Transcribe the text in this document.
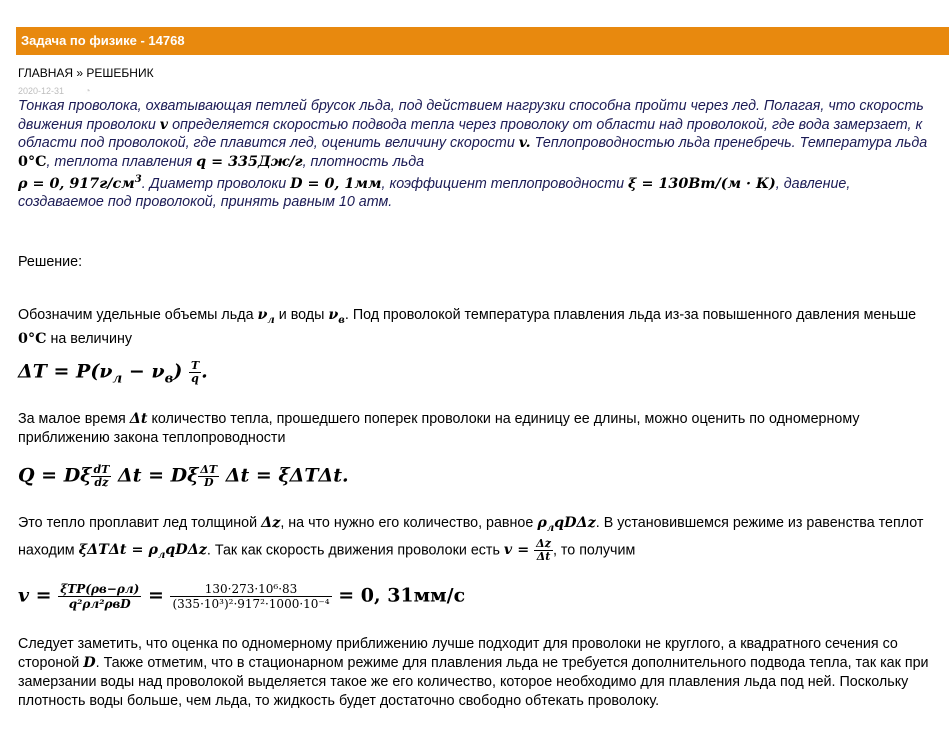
Задача по физике - 14768
ГЛАВНАЯ » РЕШЕБНИК
2020-12-31 ◔
Тонкая проволока, охватывающая петлей брусок льда, под действием нагрузки способна пройти через лед. Полагая, что скорость движения проволоки v определяется скоростью подвода тепла через проволоку от области над проволокой, где вода замерзает, к области под проволокой, где плавится лед, оценить величину скорости v. Теплопроводностью льда пренебречь. Температура льда 0°C, теплота плавления q = 335Дж/г, плотность льда
ρ = 0, $917г/см^3$. Диаметр проволоки D = 0, 1мм, коэффициент теплопроводности ξ = 130Вт/(м · К), давление, создаваемое под проволокой, принять равным 10 атм.
Решение:
Обозначим удельные объемы льда $\nu_л$ и воды $\nu_в$. Под проволокой температура плавления льда из-за повышенного давления меньше 0°C на величину
$\Delta T = P(\nu_л - \nu_в) \frac{T}{q}$ .
За малое время Δt количество тепла, прошедшего поперек проволоки на единицу ее длины, можно оценить по одномерному приближению закона теплопроводности
Q = Dξ $\frac{dT}{dz}$ Δt = Dξ $\frac{\Delta T}{D}$ Δt = ξΔTΔt.
Это тепло проплавит лед толщиной Δz, на что нужно его количество, равное $\rho_лqD\Delta z$. В установившемся режиме из равенства теплот находим $\xi\Delta T\Delta t = \rho_лqD\Delta z$. Так как скорость движения проволоки есть $v = \frac{\Delta z}{\Delta t}$ , то получим
$v = \frac{\text{ξTP(ρв−ρл)}}{\text{q²ρл²ρвD}} = \frac{\text{130·273·10⁶·83}}{\text{(335·10³)²·917²·1000·10⁻⁴}} = 0$, 31мм/с
Следует заметить, что оценка по одномерному приближению лучше подходит для проволоки не круглого, а квадратного сечения со стороной D. Также отметим, что в стационарном режиме для плавления льда не требуется дополнительного подвода тепла, так как при замерзании воды над проволокой выделяется такое же его количество, которое необходимо для плавления льда под ней. Поскольку плотность воды больше, чем льда, то жидкость будет достаточно свободно обтекать проволоку.
